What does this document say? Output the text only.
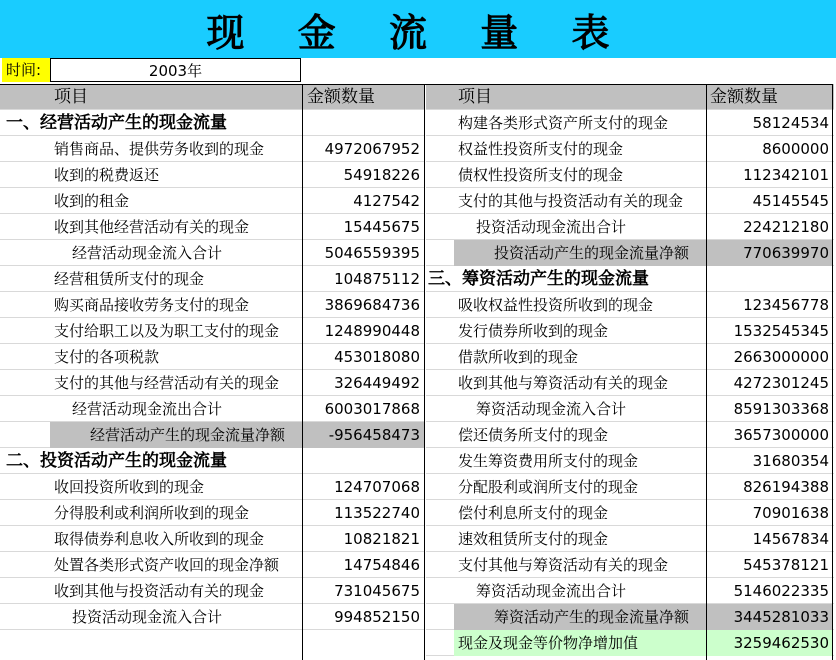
现 金 流 量 表
时间:	2003年
项目	金额数量
一、经营活动产生的现金流量
销售商品、提供劳务收到的现金	4972067952
收到的税费返还	54918226
收到的租金	4127542
收到其他经营活动有关的现金	15445675
经营活动现金流入合计	5046559395
经营租赁所支付的现金	104875112
购买商品接收劳务支付的现金	3869684736
支付给职工以及为职工支付的现金	1248990448
支付的各项税款	453018080
支付的其他与经营活动有关的现金	326449492
经营活动现金流出合计	6003017868
经营活动产生的现金流量净额	-956458473
二、投资活动产生的现金流量
收回投资所收到的现金	124707068
分得股利或利润所收到的现金	113522740
取得债券利息收入所收到的现金	10821821
处置各类形式资产收回的现金净额	14754846
收到其他与投资活动有关的现金	731045675
投资活动现金流入合计	994852150
项目	金额数量
构建各类形式资产所支付的现金	58124534
权益性投资所支付的现金	8600000
债权性投资所支付的现金	112342101
支付的其他与投资活动有关的现金	45145545
投资活动现金流出合计	224212180
投资活动产生的现金流量净额	770639970
三、筹资活动产生的现金流量
吸收权益性投资所收到的现金	123456778
发行债券所收到的现金	1532545345
借款所收到的现金	2663000000
收到其他与筹资活动有关的现金	4272301245
筹资活动现金流入合计	8591303368
偿还债务所支付的现金	3657300000
发生筹资费用所支付的现金	31680354
分配股利或润所支付的现金	826194388
偿付利息所支付的现金	70901638
速效租赁所支付的现金	14567834
支付其他与筹资活动有关的现金	545378121
筹资活动现金流出合计	5146022335
筹资活动产生的现金流量净额	3445281033
现金及现金等价物净增加值	3259462530
